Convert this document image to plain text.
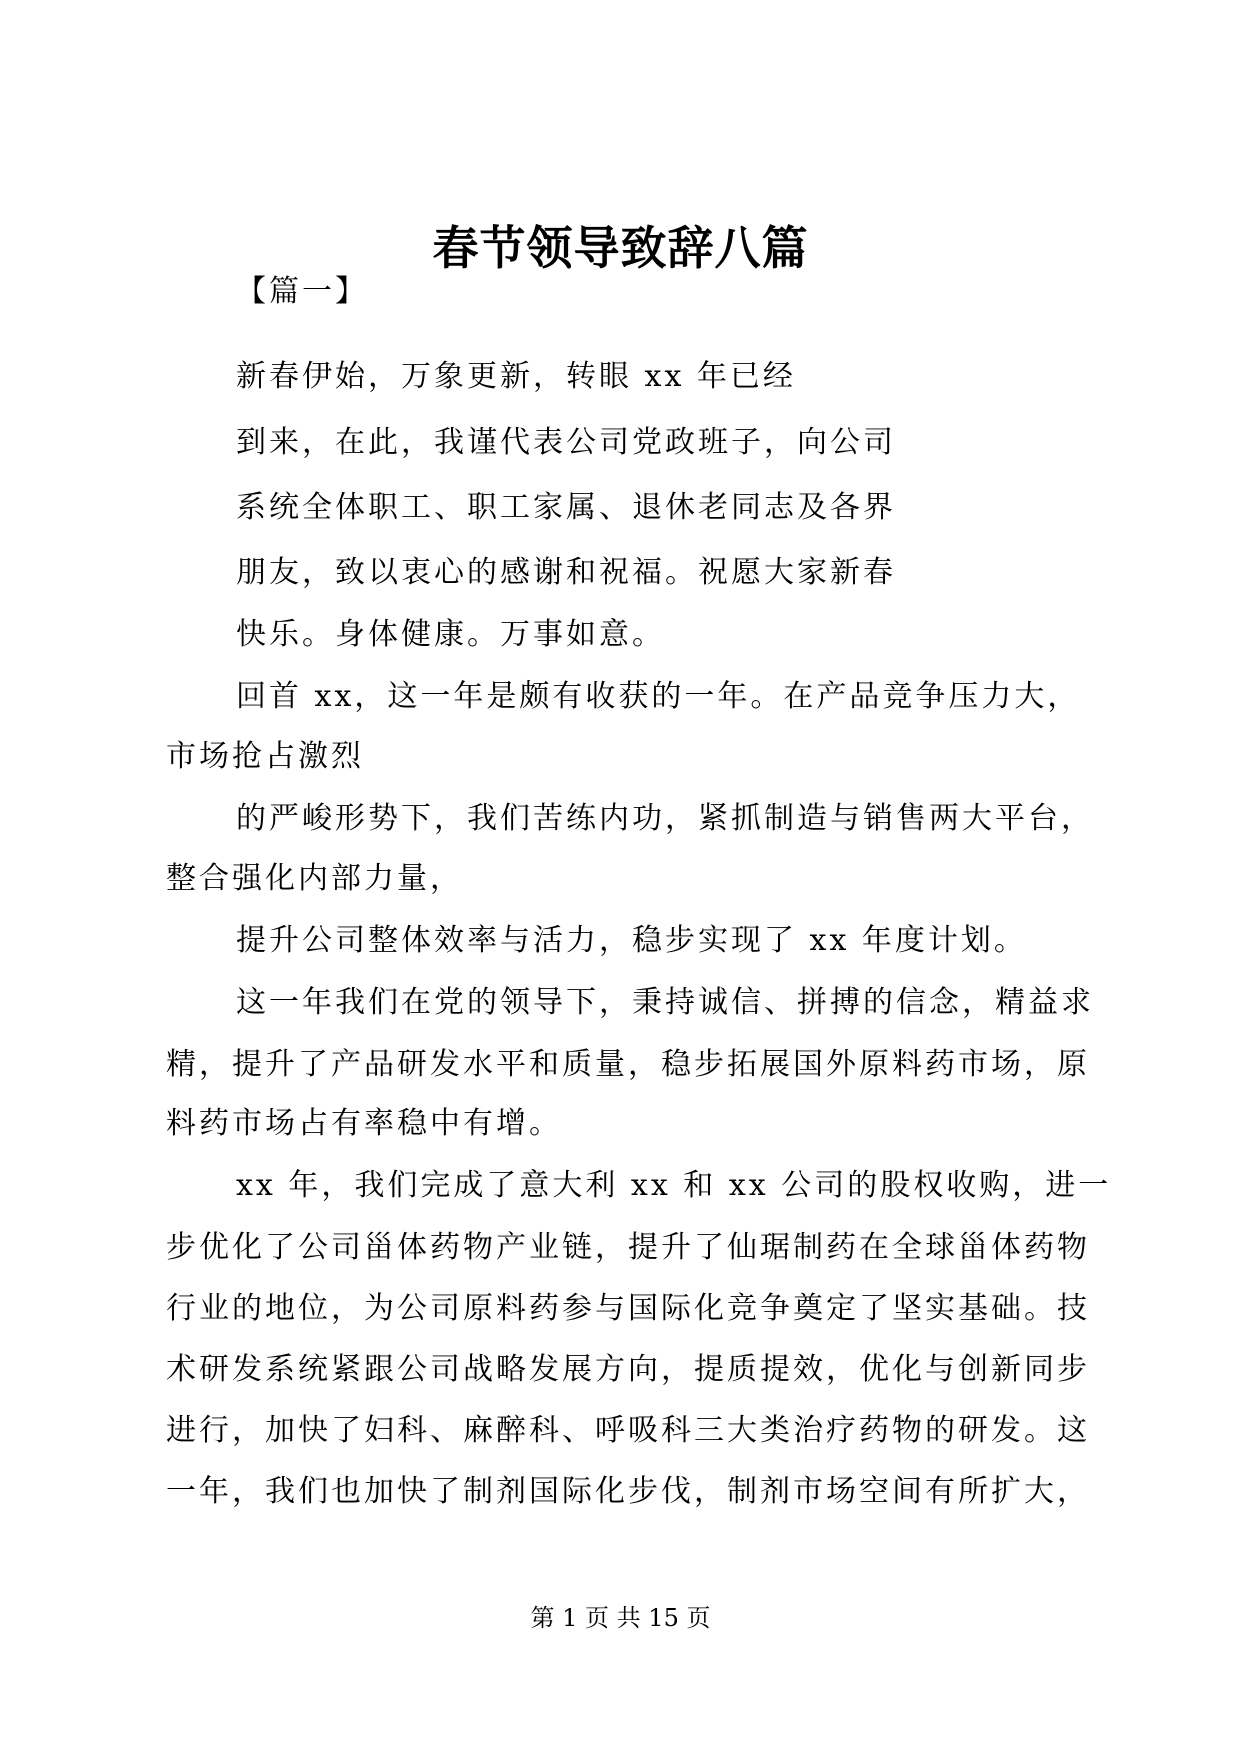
春节领导致辞八篇
【篇一】
新春伊始，万象更新，转眼 xx 年已经
到来，在此，我谨代表公司党政班子，向公司
系统全体职工、职工家属、退休老同志及各界
朋友，致以衷心的感谢和祝福。祝愿大家新春
快乐。身体健康。万事如意。
回首 xx，这一年是颇有收获的一年。在产品竞争压力大，
市场抢占激烈
的严峻形势下，我们苦练内功，紧抓制造与销售两大平台，
整合强化内部力量，
提升公司整体效率与活力，稳步实现了 xx 年度计划。
这一年我们在党的领导下，秉持诚信、拼搏的信念，精益求
精，提升了产品研发水平和质量，稳步拓展国外原料药市场，原
料药市场占有率稳中有增。
xx 年，我们完成了意大利 xx 和 xx 公司的股权收购，进一
步优化了公司甾体药物产业链，提升了仙琚制药在全球甾体药物
行业的地位，为公司原料药参与国际化竞争奠定了坚实基础。技
术研发系统紧跟公司战略发展方向，提质提效，优化与创新同步
进行，加快了妇科、麻醉科、呼吸科三大类治疗药物的研发。这
一年，我们也加快了制剂国际化步伐，制剂市场空间有所扩大，
第 1 页 共 15 页
